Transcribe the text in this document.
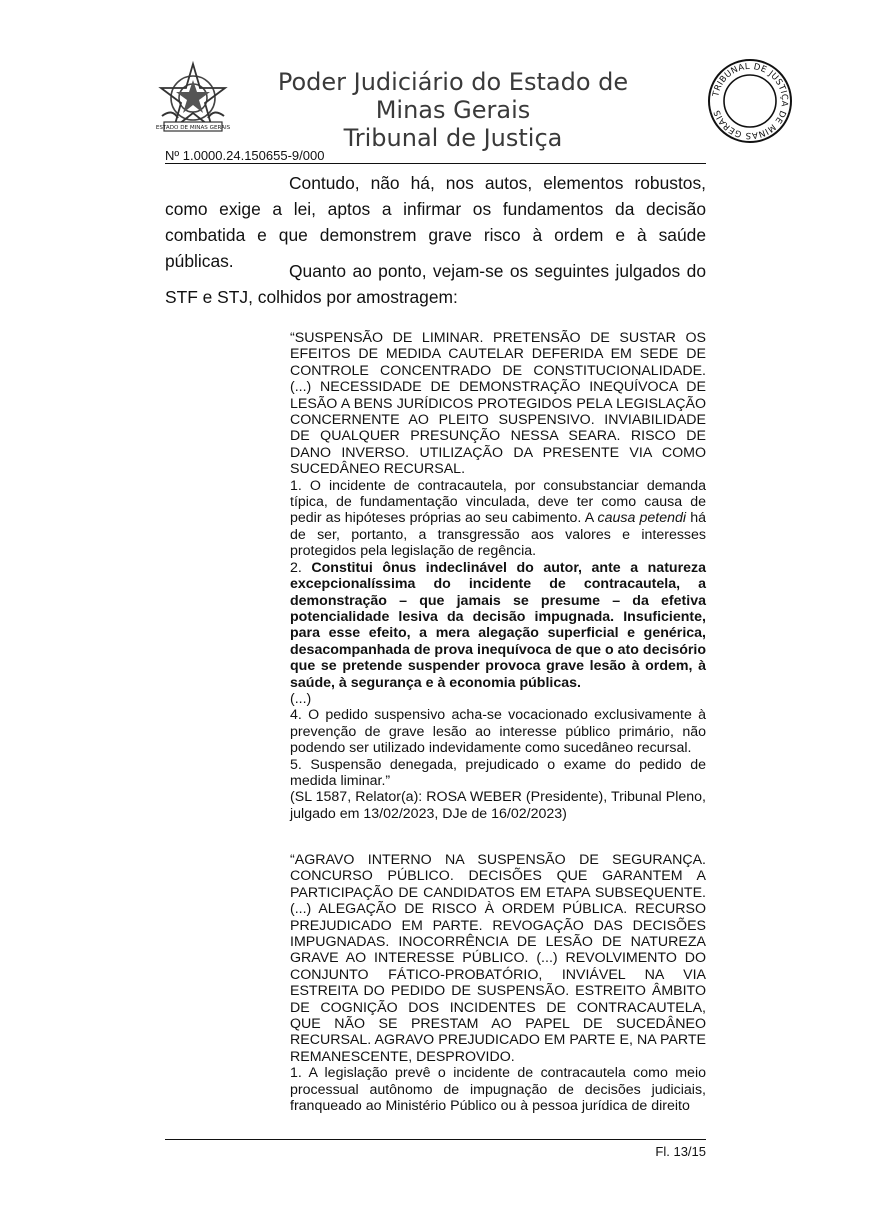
ESTADO DE MINAS GERAIS
Poder Judiciário do Estado de Minas Gerais
Tribunal de Justiça
TRIBUNAL DE JUSTIÇA DE MINAS GERAIS
Nº 1.0000.24.150655-9/000
Contudo, não há, nos autos, elementos robustos, como exige a lei, aptos a infirmar os fundamentos da decisão combatida e que demonstrem grave risco à ordem e à saúde públicas.	Quanto ao ponto, vejam-se os seguintes julgados do STF e STJ, colhidos por amostragem:

“SUSPENSÃO DE LIMINAR. PRETENSÃO DE SUSTAR OS EFEITOS DE MEDIDA CAUTELAR DEFERIDA EM SEDE DE CONTROLE CONCENTRADO DE CONSTITUCIONALIDADE. (...) NECESSIDADE DE DEMONSTRAÇÃO INEQUÍVOCA DE LESÃO A BENS JURÍDICOS PROTEGIDOS PELA LEGISLAÇÃO CONCERNENTE AO PLEITO SUSPENSIVO. INVIABILIDADE DE QUALQUER PRESUNÇÃO NESSA SEARA. RISCO DE DANO INVERSO. UTILIZAÇÃO DA PRESENTE VIA COMO SUCEDÂNEO RECURSAL.

1. O incidente de contracautela, por consubstanciar demanda típica, de fundamentação vinculada, deve ter como causa de pedir as hipóteses próprias ao seu cabimento. A causa petendi há de ser, portanto, a transgressão aos valores e interesses protegidos pela legislação de regência.

2. Constitui ônus indeclinável do autor, ante a natureza excepcionalíssima do incidente de contracautela, a demonstração – que jamais se presume – da efetiva potencialidade lesiva da decisão impugnada. Insuficiente, para esse efeito, a mera alegação superficial e genérica, desacompanhada de prova inequívoca de que o ato decisório que se pretende suspender provoca grave lesão à ordem, à saúde, à segurança e à economia públicas.

(...)

4. O pedido suspensivo acha-se vocacionado exclusivamente à prevenção de grave lesão ao interesse público primário, não podendo ser utilizado indevidamente como sucedâneo recursal.

5. Suspensão denegada, prejudicado o exame do pedido de medida liminar.”

(SL 1587, Relator(a): ROSA WEBER (Presidente), Tribunal Pleno, julgado em 13/02/2023, DJe de 16/02/2023)

“AGRAVO INTERNO NA SUSPENSÃO DE SEGURANÇA. CONCURSO PÚBLICO. DECISÕES QUE GARANTEM A PARTICIPAÇÃO DE CANDIDATOS EM ETAPA SUBSEQUENTE. (...) ALEGAÇÃO DE RISCO À ORDEM PÚBLICA. RECURSO PREJUDICADO EM PARTE. REVOGAÇÃO DAS DECISÕES IMPUGNADAS. INOCORRÊNCIA DE LESÃO DE NATUREZA GRAVE AO INTERESSE PÚBLICO. (...) REVOLVIMENTO DO CONJUNTO FÁTICO-PROBATÓRIO, INVIÁVEL NA VIA ESTREITA DO PEDIDO DE SUSPENSÃO. ESTREITO ÂMBITO DE COGNIÇÃO DOS INCIDENTES DE CONTRACAUTELA, QUE NÃO SE PRESTAM AO PAPEL DE SUCEDÂNEO RECURSAL. AGRAVO PREJUDICADO EM PARTE E, NA PARTE REMANESCENTE, DESPROVIDO.

1. A legislação prevê o incidente de contracautela como meio processual autônomo de impugnação de decisões judiciais, franqueado ao Ministério Público ou à pessoa jurídica de direito

Fl. 13/15
